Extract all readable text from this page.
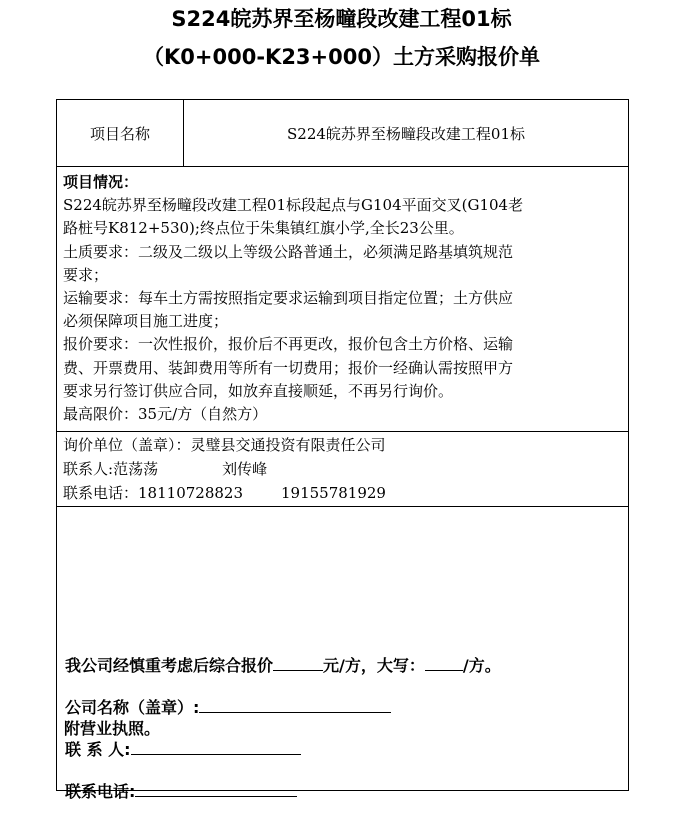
S224皖苏界至杨疃段改建工程01标
（K0+000-K23+000）土方采购报价单
项目名称	S224皖苏界至杨疃段改建工程01标
项目情况：
S224皖苏界至杨疃段改建工程01标段起点与G104平面交叉(G104老
路桩号K812+530);终点位于朱集镇红旗小学,全长23公里。
土质要求：二级及二级以上等级公路普通土，必须满足路基填筑规范
要求；
运输要求：每车土方需按照指定要求运输到项目指定位置；土方供应
必须保障项目施工进度；
报价要求：一次性报价，报价后不再更改，报价包含土方价格、运输
费、开票费用、装卸费用等所有一切费用；报价一经确认需按照甲方
要求另行签订供应合同，如放弃直接顺延，不再另行询价。
最高限价：35元/方（自然方）
询价单位（盖章）：灵璧县交通投资有限责任公司
联系人:范荡荡	刘传峰
联系电话：18110728823	19155781929
我公司经慎重考虑后综合报价	元/方，大写： /方。
公司名称（盖章）:
联 系 人:
联系电话:
附营业执照。
